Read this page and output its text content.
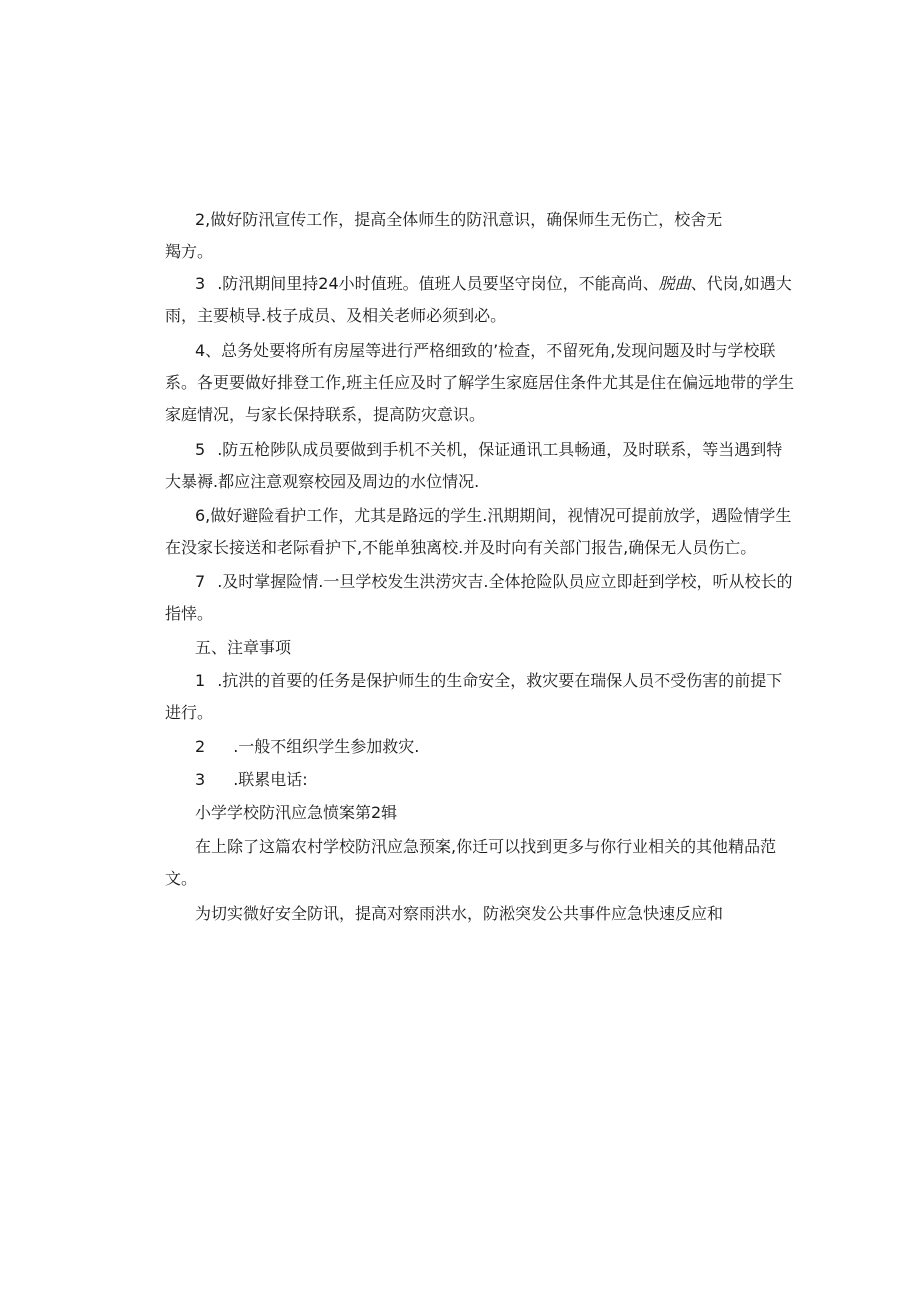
2,做好防汛宣传工作，提高全体师生的防汛意识，确保师生无伤亡，校舍无
羯方。
3 .防汛期间里持24小时值班。值班人员要坚守岗位，不能高尚、脱曲、代岗,如遇大
雨，主要桢导.枝子成员、及相关老师必须到必。
4、总务处要将所有房屋等进行严格细致的’检查，不留死角,发现问题及时与学校联
系。各更要做好排登工作,班主任应及时了解学生家庭居住条件尤其是住在偏远地带的学生
家庭情况，与家长保持联系，提高防灾意识。
5 .防五枪陟队成员要做到手机不关机，保证通讯工具畅通，及时联系，等当遇到特
大暴褥.都应注意观察校园及周边的水位情况.
6,做好避险看护工作，尤其是路远的学生.汛期期间，视情况可提前放学，遇险情学生
在没家长接送和老际看护下,不能单独离校.并及时向有关部门报告,确保无人员伤亡。
7 .及时掌握险情.一旦学校发生洪涝灾吉.全体抢险队员应立即赶到学校，听从校长的
指悻。
五、注章事项
1 .抗洪的首要的任务是保护师生的生命安全，救灾要在瑞保人员不受伤害的前提下
进行。
2 .一般不组织学生参加救灾.
3 .联累电话:
小学学校防汛应急愤案第2辑
在上除了这篇农村学校防汛应急预案,你迁可以找到更多与你行业相关的其他精品范
文。
为切实微好安全防讯，提高对察雨洪水，防淞突发公共事件应急快速反应和
